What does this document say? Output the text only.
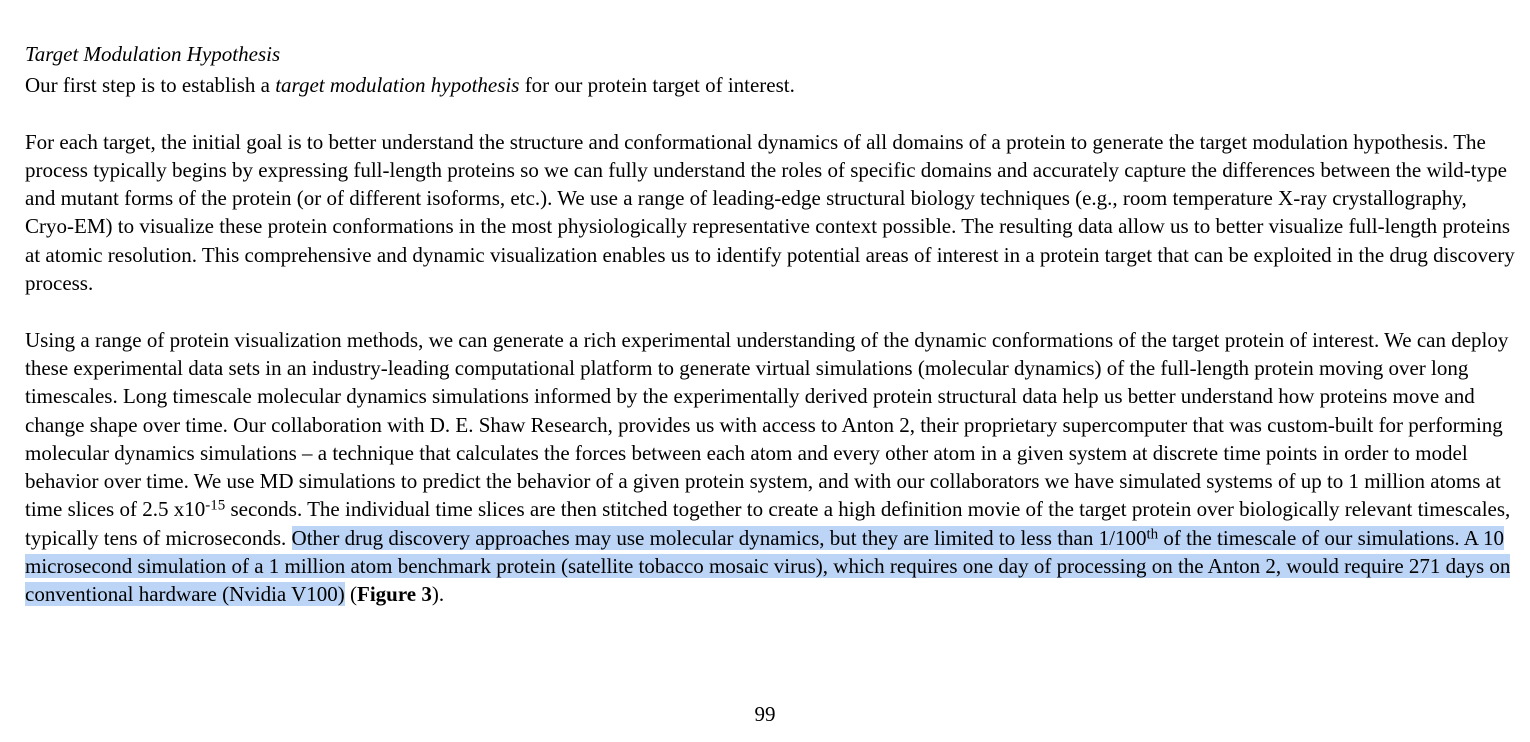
Target Modulation Hypothesis

Our first step is to establish a target modulation hypothesis for our protein target of interest.

For each target, the initial goal is to better understand the structure and conformational dynamics of all domains of a protein to generate the target modulation hypothesis. The process typically begins by expressing full-length proteins so we can fully understand the roles of specific domains and accurately capture the differences between the wild-type and mutant forms of the protein (or of different isoforms, etc.). We use a range of leading-edge structural biology techniques (e.g., room temperature X-ray crystallography, Cryo-EM) to visualize these protein conformations in the most physiologically representative context possible. The resulting data allow us to better visualize full-length proteins at atomic resolution. This comprehensive and dynamic visualization enables us to identify potential areas of interest in a protein target that can be exploited in the drug discovery process.

Using a range of protein visualization methods, we can generate a rich experimental understanding of the dynamic conformations of the target protein of interest. We can deploy these experimental data sets in an industry-leading computational platform to generate virtual simulations (molecular dynamics) of the full-length protein moving over long timescales. Long timescale molecular dynamics simulations informed by the experimentally derived protein structural data help us better understand how proteins move and change shape over time. Our collaboration with D. E. Shaw Research, provides us with access to Anton 2, their proprietary supercomputer that was custom-built for performing molecular dynamics simulations – a technique that calculates the forces between each atom and every other atom in a given system at discrete time points in order to model behavior over time. We use MD simulations to predict the behavior of a given protein system, and with our collaborators we have simulated systems of up to 1 million atoms at time slices of 2.5 $x10^{-15}$ seconds. The individual time slices are then stitched together to create a high definition movie of the target protein over biologically relevant timescales, typically tens of microseconds. Other drug discovery approaches may use molecular dynamics, but they are limited to less than 1/100th of the timescale of our simulations. A 10 microsecond simulation of a 1 million atom benchmark protein (satellite tobacco mosaic virus), which requires one day of processing on the Anton 2, would require 271 days on conventional hardware (Nvidia V100) (Figure 3).

99
